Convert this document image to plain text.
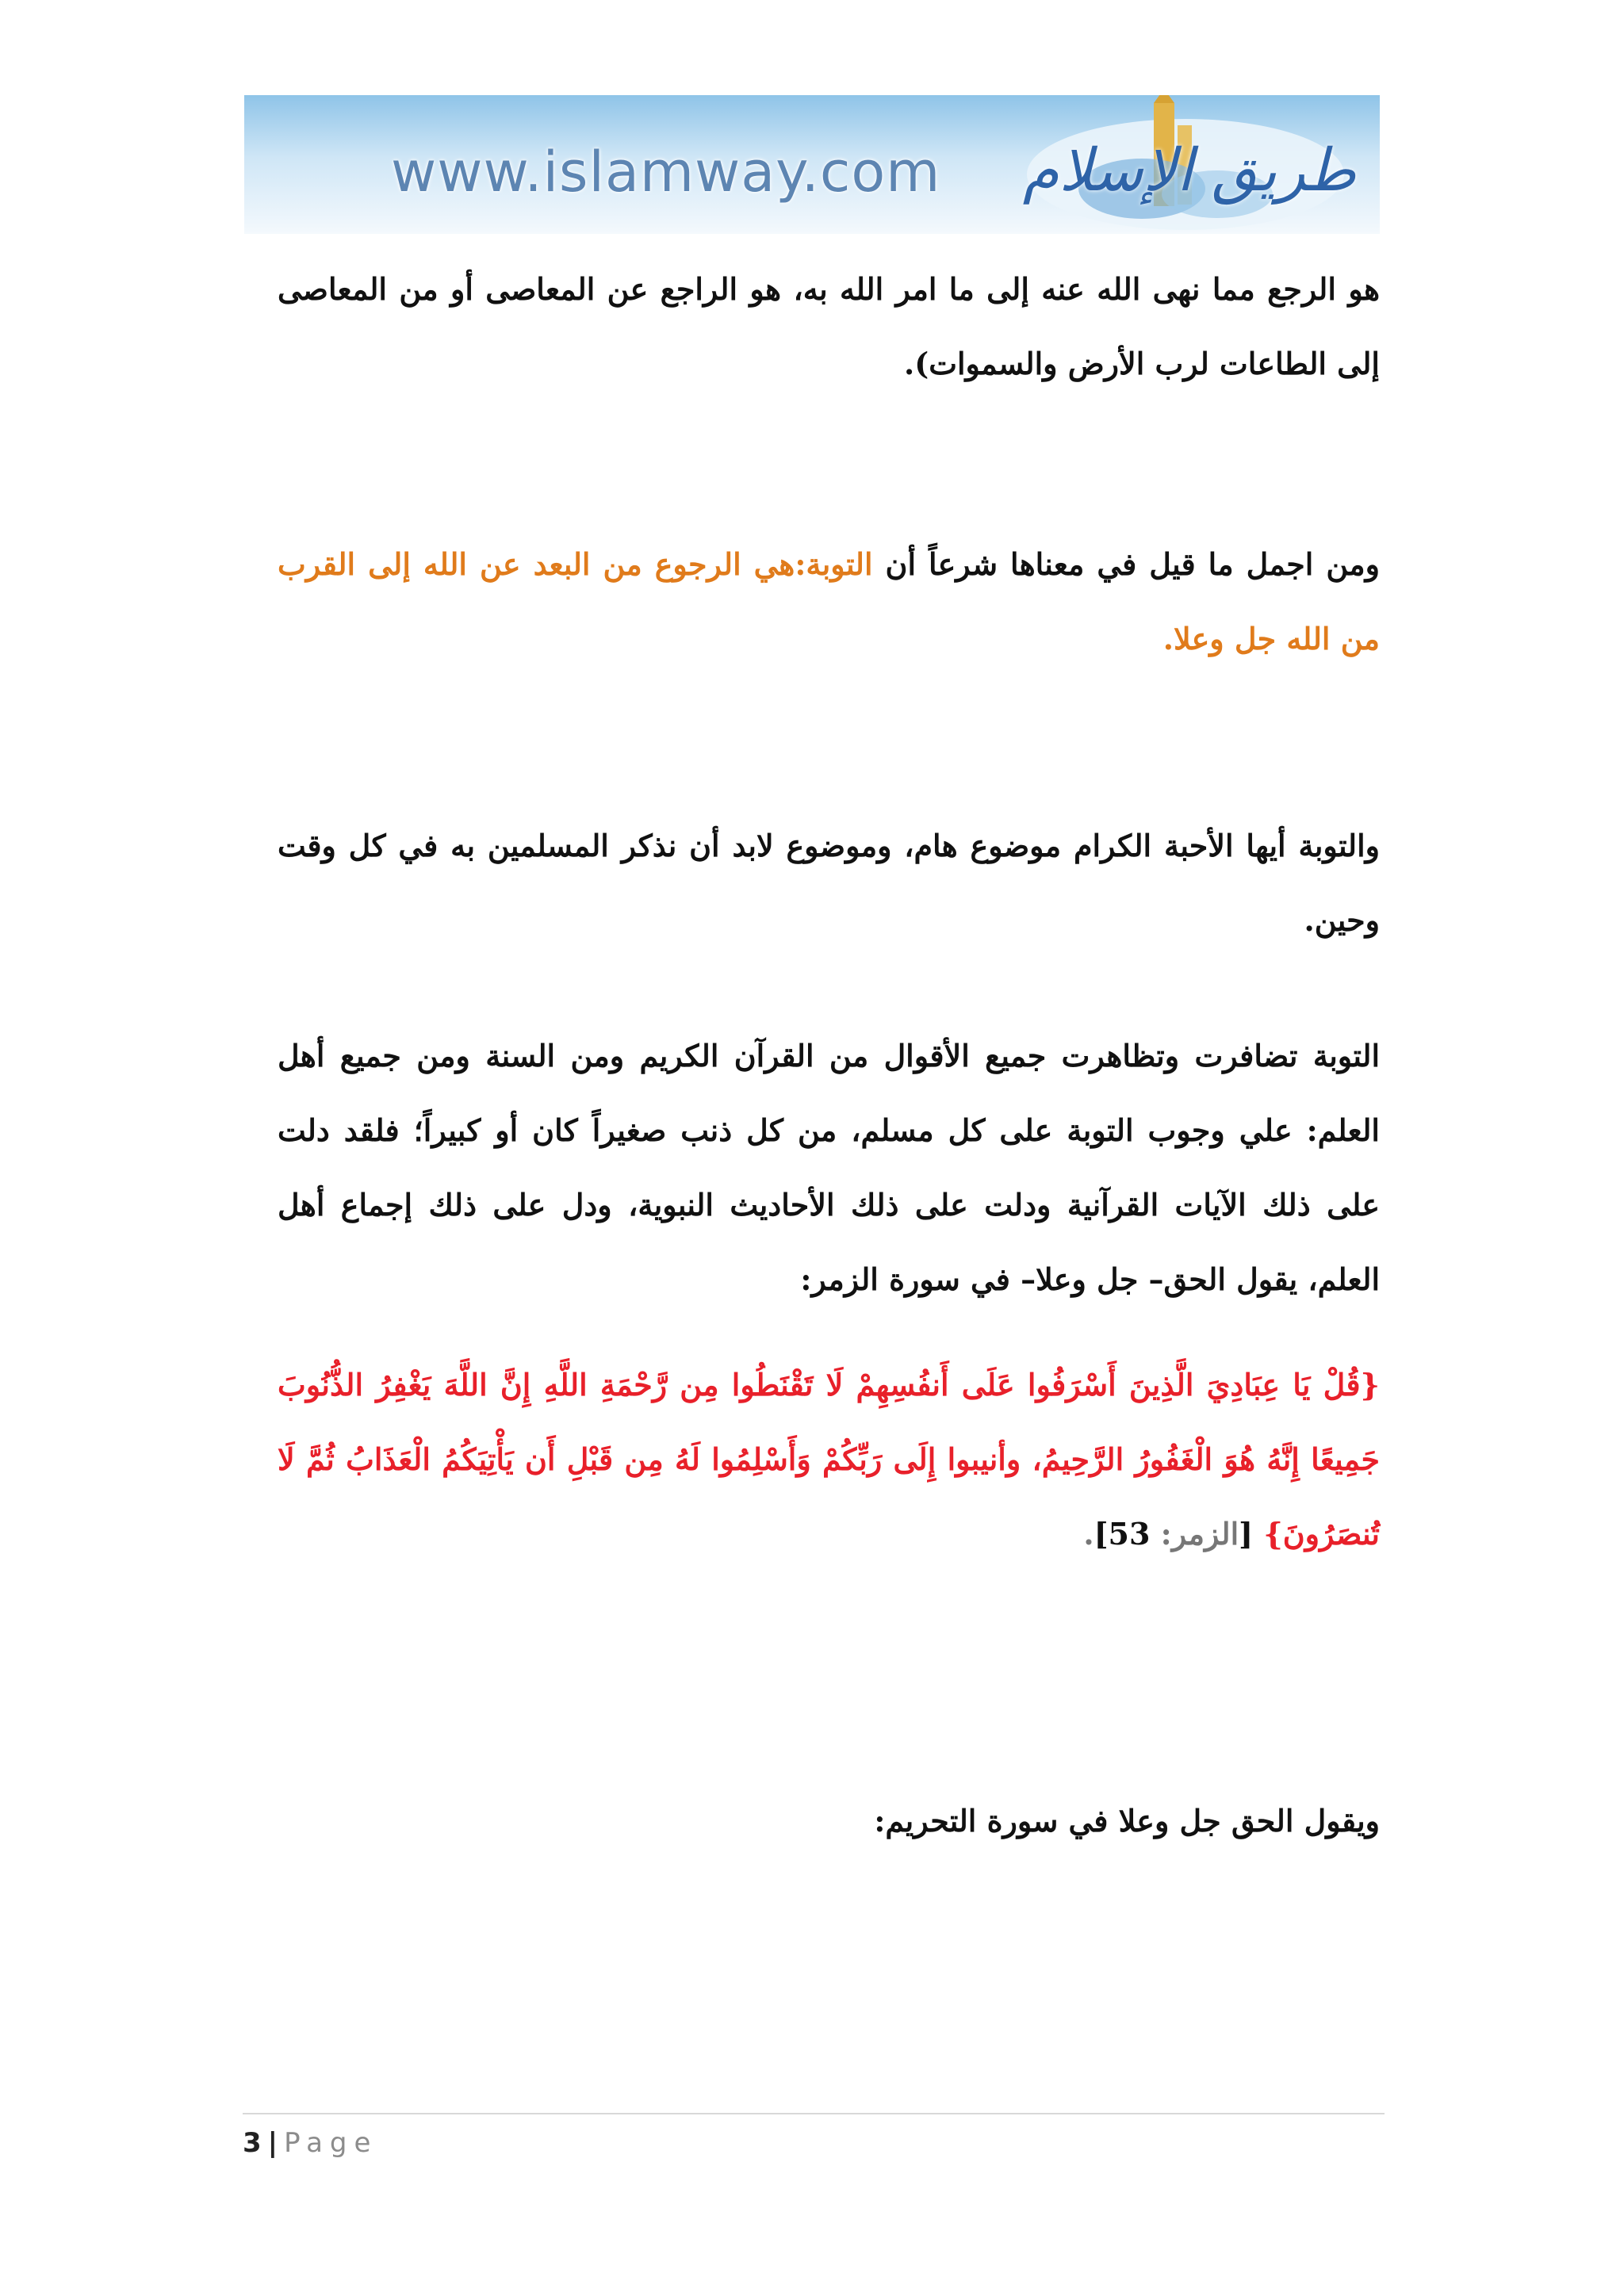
www.islamway.com طريق الإسلام

هو الرجع مما نهى الله عنه إلى ما امر الله به، هو الراجع عن المعاصى أو من المعاصى إلى الطاعات لرب الأرض والسموات).

ومن اجمل ما قيل في معناها شرعاً أن التوبة:هي الرجوع من البعد عن الله إلى القرب من الله جل وعلا.

والتوبة أيها الأحبة الكرام موضوع هام، وموضوع لابد أن نذكر المسلمين به في كل وقت وحين.

التوبة تضافرت وتظاهرت جميع الأقوال من القرآن الكريم ومن السنة ومن جميع أهل العلم: علي وجوب التوبة على كل مسلم، من كل ذنب صغيراً كان أو كبيراً؛ فلقد دلت على ذلك الآيات القرآنية ودلت على ذلك الأحاديث النبوية، ودل على ذلك إجماع أهل العلم، يقول الحق– جل وعلا– في سورة الزمر:

{قُلْ يَا عِبَادِيَ الَّذِينَ أَسْرَفُوا عَلَى أَنفُسِهِمْ لَا تَقْنَطُوا مِن رَّحْمَةِ اللَّهِ إِنَّ اللَّهَ يَغْفِرُ الذُّنُوبَ جَمِيعًا إِنَّهُ هُوَ الْغَفُورُ الرَّحِيمُ، وأنيبوا إِلَى رَبِّكُمْ وَأَسْلِمُوا لَهُ مِن قَبْلِ أَن يَأْتِيَكُمُ الْعَذَابُ ثُمَّ لَا تُنصَرُونَ} [الزمر: 53].

ويقول الحق جل وعلا في سورة التحريم:

3 | Page
